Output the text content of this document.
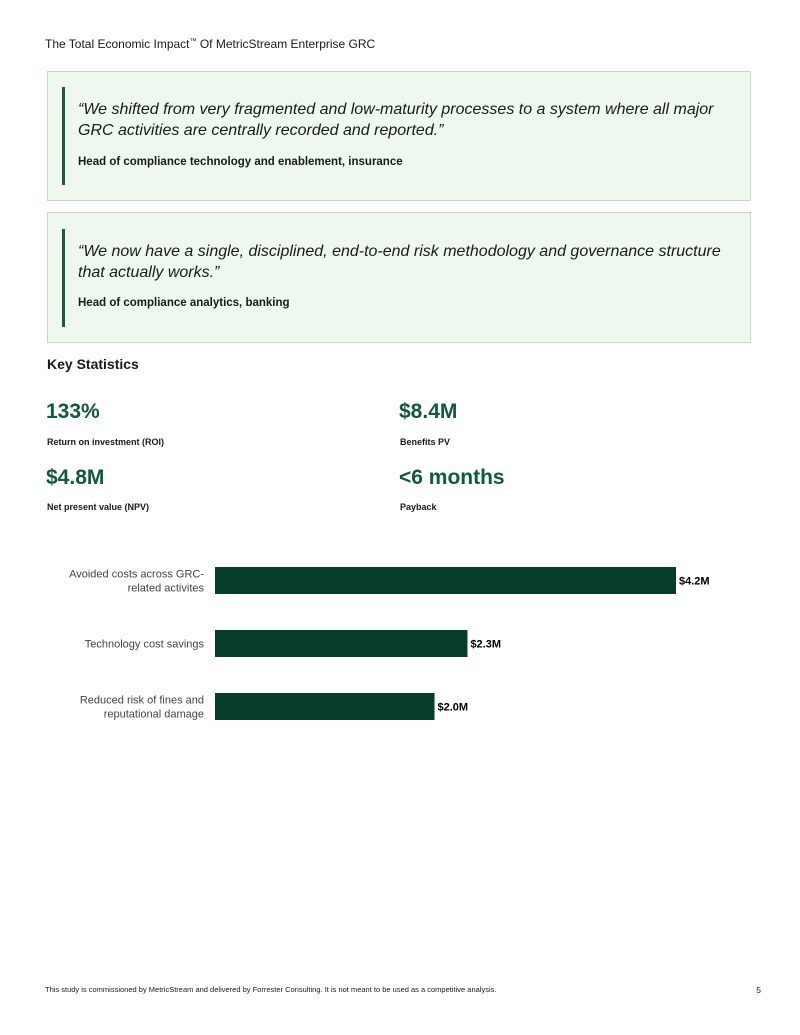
The Total Economic Impact™ Of MetricStream Enterprise GRC
“We shifted from very fragmented and low-maturity processes to a system where all major GRC activities are centrally recorded and reported.”
Head of compliance technology and enablement, insurance
“We now have a single, disciplined, end-to-end risk methodology and governance structure that actually works.”
Head of compliance analytics, banking
Key Statistics
133%
Return on investment (ROI)
$8.4M
Benefits PV
$4.8M
Net present value (NPV)
<6 months
Payback
$4.2M
Avoided costs across GRC-related activites
$2.3M
Technology cost savings
$2.0M
Reduced risk of fines and reputational damage
This study is commissioned by MetricStream and delivered by Forrester Consulting. It is not meant to be used as a competitive analysis.	5
